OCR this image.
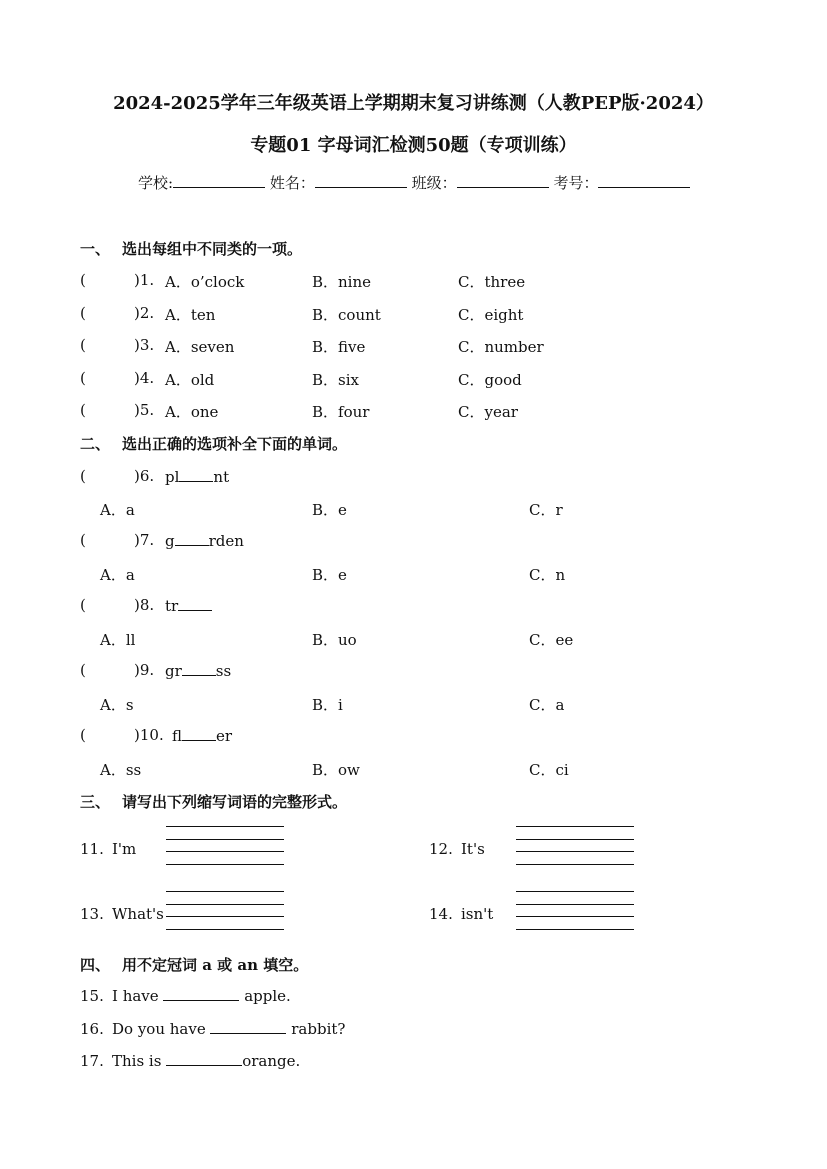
2024-2025学年三年级英语上学期期末复习讲练测（人教PEP版·2024）
专题01 字母词汇检测50题（专项训练）
学校:	姓名：	班级：	考号：
一、 选出每组中不同类的一项。
(	)1. A．o’clock	B．nine	C．three
(	)2. A．ten	B．count	C．eight
(	)3. A．seven	B．five	C．number
(	)4. A．old	B．six	C．good
(	)5. A．one	B．four	C．year
二、 选出正确的选项补全下面的单词。
(	)6. pl nt
A．a	B．e	C．r
(	)7. g rden
A．a	B．e	C．n
(	)8. tr
A．ll	B．uo	C．ee
(	)9. gr ss
A．s	B．i	C．a
(	)10. fl er
A．ss	B．ow	C．ci
三、 请写出下列缩写词语的完整形式。
11. I'm	12. It's
13. What's	14. isn't
四、 用不定冠词 a 或 an 填空。
15. I have	apple.
16. Do you have	rabbit?
17. This is	orange.
